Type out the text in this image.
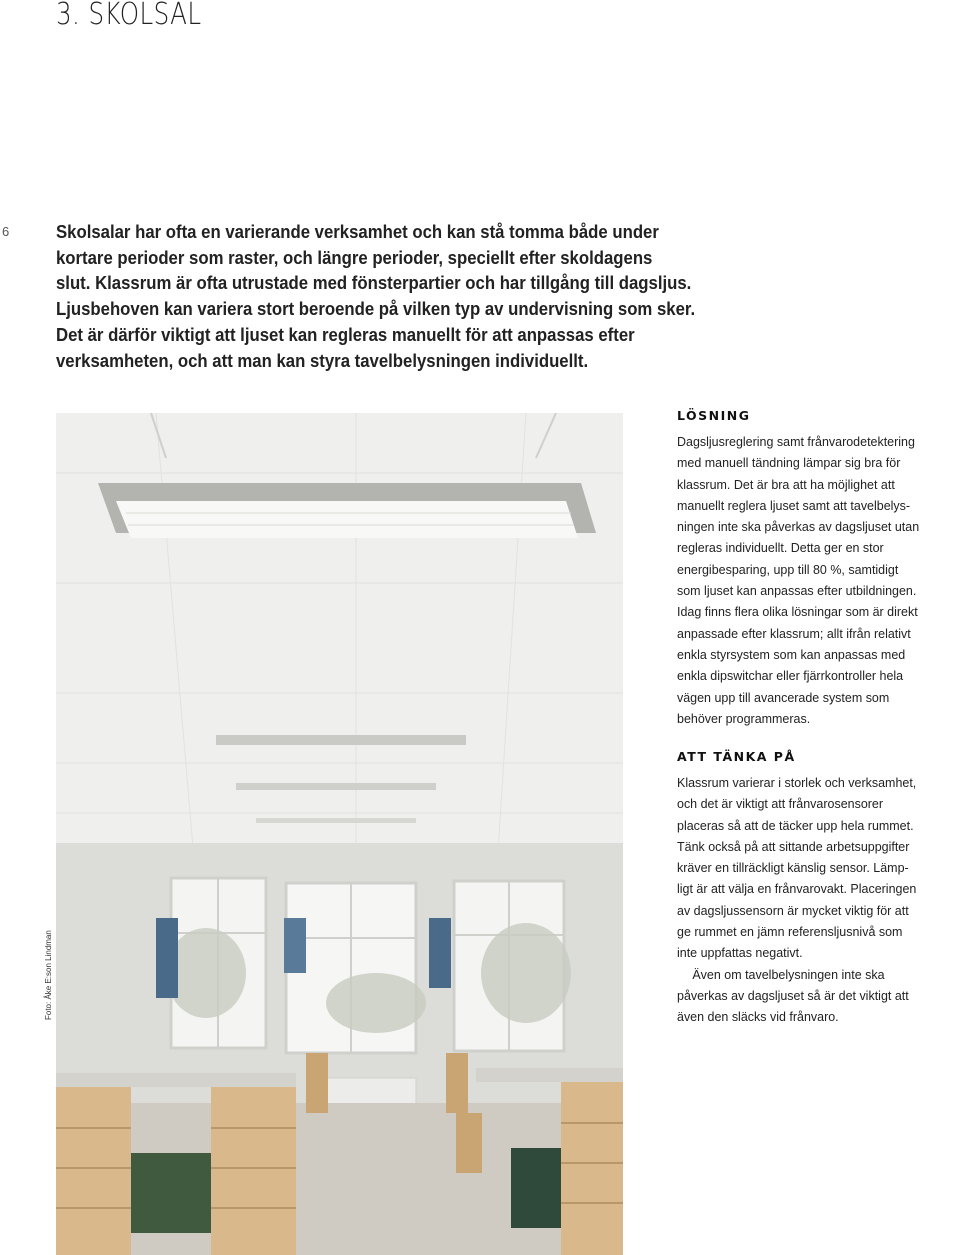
3. SKOLSAL
6	Skolsalar har ofta en varierande verksamhet och kan stå tomma både under
kortare perioder som raster, och längre perioder, speciellt efter skoldagens
slut. Klassrum är ofta utrustade med fönsterpartier och har tillgång till dagsljus.
Ljusbehoven kan variera stort beroende på vilken typ av undervisning som sker.
Det är därför viktigt att ljuset kan regleras manuellt för att anpassas efter
verksamheten, och att man kan styra tavelbelysningen individuellt.

Foto: Åke E:son Lindman
LÖSNING

Dagsljusreglering samt frånvarodetektering
med manuell tändning lämpar sig bra för
klassrum. Det är bra att ha möjlighet att
manuellt reglera ljuset samt att tavelbelys-
ningen inte ska påverkas av dagsljuset utan
regleras individuellt. Detta ger en stor
energibesparing, upp till 80 %, samtidigt
som ljuset kan anpassas efter utbildningen.
Idag finns flera olika lösningar som är direkt
anpassade efter klassrum; allt ifrån relativt
enkla styrsystem som kan anpassas med
enkla dipswitchar eller fjärrkontroller hela
vägen upp till avancerade system som
behöver programmeras.

ATT TÄNKA PÅ

Klassrum varierar i storlek och verksamhet,
och det är viktigt att frånvarosensorer
placeras så att de täcker upp hela rummet.
Tänk också på att sittande arbetsuppgifter
kräver en tillräckligt känslig sensor. Lämp-
ligt är att välja en frånvarovakt. Placeringen
av dagsljussensorn är mycket viktig för att
ge rummet en jämn referensljusnivå som
inte uppfattas negativt.
Även om tavelbelysningen inte ska
påverkas av dagsljuset så är det viktigt att
även den släcks vid frånvaro.
